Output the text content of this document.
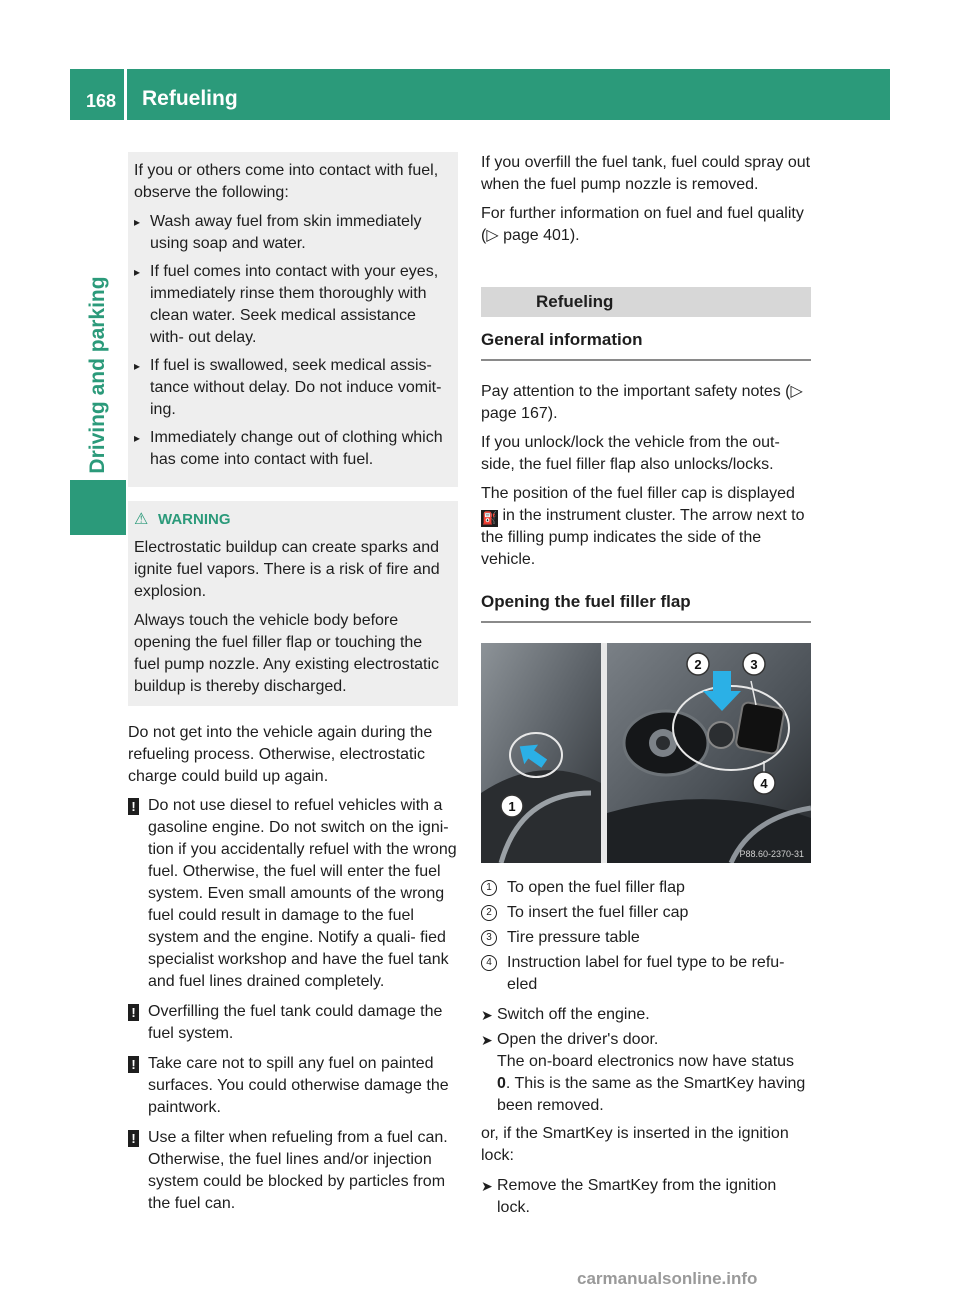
168 Refueling
Driving and parking

If you or others come into contact with fuel, observe the following:

▸ Wash away fuel from skin immediately using soap and water.
▸ If fuel comes into contact with your eyes, immediately rinse them thoroughly with clean water. Seek medical assistance with- out delay.
▸ If fuel is swallowed, seek medical assis- tance without delay. Do not induce vomit- ing.
▸ Immediately change out of clothing which has come into contact with fuel.
⚠ WARNING

Electrostatic buildup can create sparks and ignite fuel vapors. There is a risk of fire and explosion.

Always touch the vehicle body before opening the fuel filler flap or touching the fuel pump nozzle. Any existing electrostatic buildup is thereby discharged.

Do not get into the vehicle again during the refueling process. Otherwise, electrostatic charge could build up again.

! Do not use diesel to refuel vehicles with a gasoline engine. Do not switch on the igni- tion if you accidentally refuel with the wrong fuel. Otherwise, the fuel will enter the fuel system. Even small amounts of the wrong fuel could result in damage to the fuel system and the engine. Notify a quali- fied specialist workshop and have the fuel tank and fuel lines drained completely.
! Overfilling the fuel tank could damage the fuel system.
! Take care not to spill any fuel on painted surfaces. You could otherwise damage the paintwork.
! Use a filter when refueling from a fuel can. Otherwise, the fuel lines and/or injection system could be blocked by particles from the fuel can.

If you overfill the fuel tank, fuel could spray out when the fuel pump nozzle is removed.

For further information on fuel and fuel quality (▷ page 401).

Refueling
General information

Pay attention to the important safety notes (▷ page 167).

If you unlock/lock the vehicle from the out- side, the fuel filler flap also unlocks/locks.

The position of the fuel filler cap is displayed ⛽ in the instrument cluster. The arrow next to the filling pump indicates the side of the vehicle.

Opening the fuel filler flap
1
2	3
4
P88.60-2370-31
1 To open the fuel filler flap
2 To insert the fuel filler cap
3 Tire pressure table
4 Instruction label for fuel type to be refu- eled
➤ Switch off the engine.
➤ Open the driver's door.
The on-board electronics now have status 0. This is the same as the SmartKey having been removed.

or, if the SmartKey is inserted in the ignition lock:

➤ Remove the SmartKey from the ignition lock.
carmanualsonline.info
